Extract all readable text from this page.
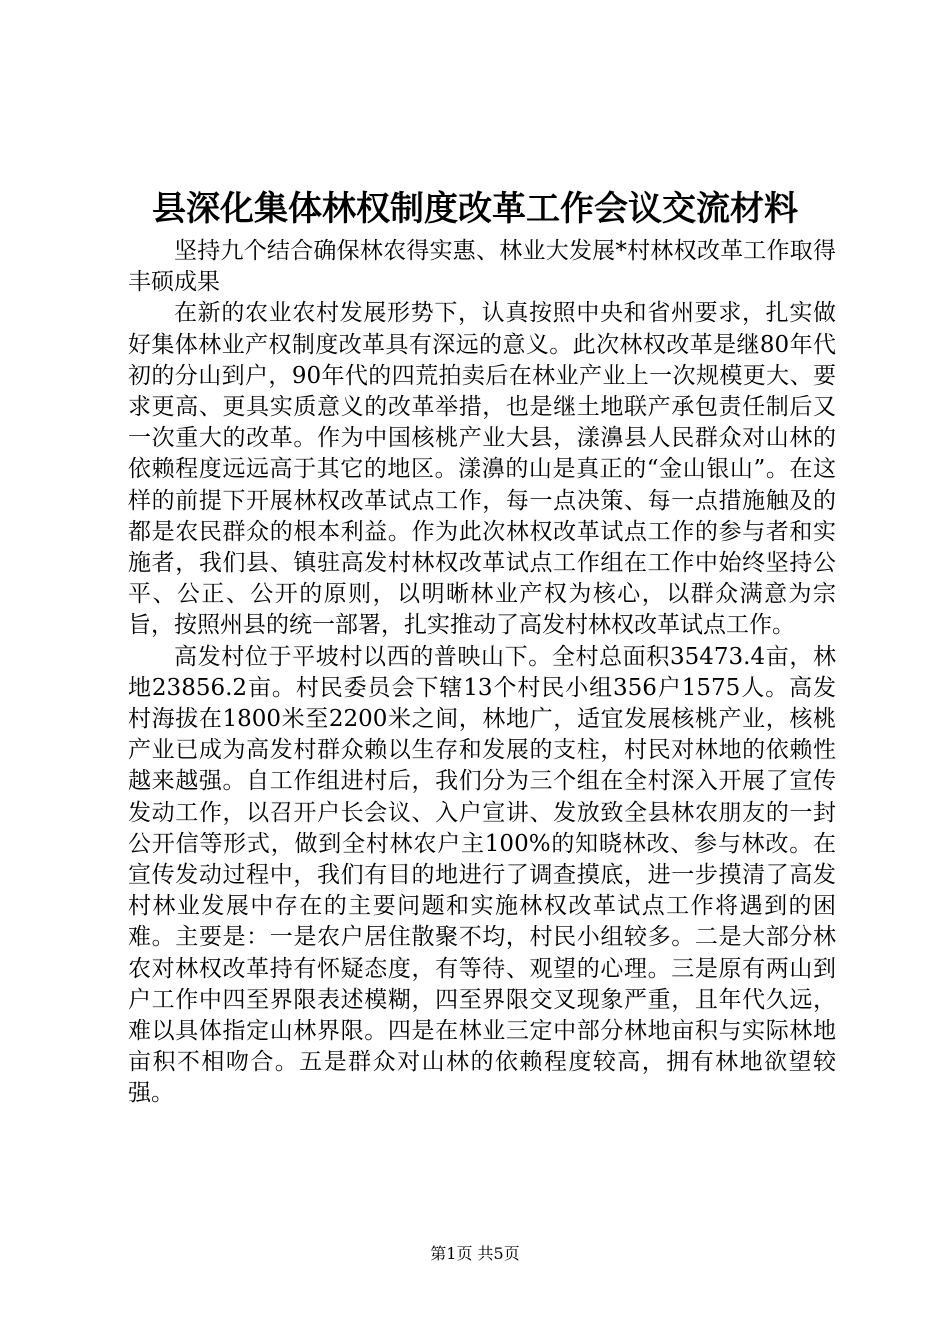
县深化集体林权制度改革工作会议交流材料

坚持九个结合确保林农得实惠、林业大发展*村林权改革工作取得丰硕成果

在新的农业农村发展形势下，认真按照中央和省州要求，扎实做好集体林业产权制度改革具有深远的意义。此次林权改革是继80年代初的分山到户，90年代的四荒拍卖后在林业产业上一次规模更大、要求更高、更具实质意义的改革举措，也是继土地联产承包责任制后又一次重大的改革。作为中国核桃产业大县，漾濞县人民群众对山林的依赖程度远远高于其它的地区。漾濞的山是真正的“金山银山”。在这样的前提下开展林权改革试点工作，每一点决策、每一点措施触及的都是农民群众的根本利益。作为此次林权改革试点工作的参与者和实施者，我们县、镇驻高发村林权改革试点工作组在工作中始终坚持公平、公正、公开的原则，以明晰林业产权为核心，以群众满意为宗旨，按照州县的统一部署，扎实推动了高发村林权改革试点工作。

高发村位于平坡村以西的普映山下。全村总面积35473.4亩，林地23856.2亩。村民委员会下辖13个村民小组356户1575人。高发村海拔在1800米至2200米之间，林地广，适宜发展核桃产业，核桃产业已成为高发村群众赖以生存和发展的支柱，村民对林地的依赖性越来越强。自工作组进村后，我们分为三个组在全村深入开展了宣传发动工作，以召开户长会议、入户宣讲、发放致全县林农朋友的一封公开信等形式，做到全村林农户主100%的知晓林改、参与林改。在宣传发动过程中，我们有目的地进行了调查摸底，进一步摸清了高发村林业发展中存在的主要问题和实施林权改革试点工作将遇到的困难。主要是：一是农户居住散聚不均，村民小组较多。二是大部分林农对林权改革持有怀疑态度，有等待、观望的心理。三是原有两山到户工作中四至界限表述模糊，四至界限交叉现象严重，且年代久远，难以具体指定山林界限。四是在林业三定中部分林地亩积与实际林地亩积不相吻合。五是群众对山林的依赖程度较高，拥有林地欲望较强。

第1页 共5页
